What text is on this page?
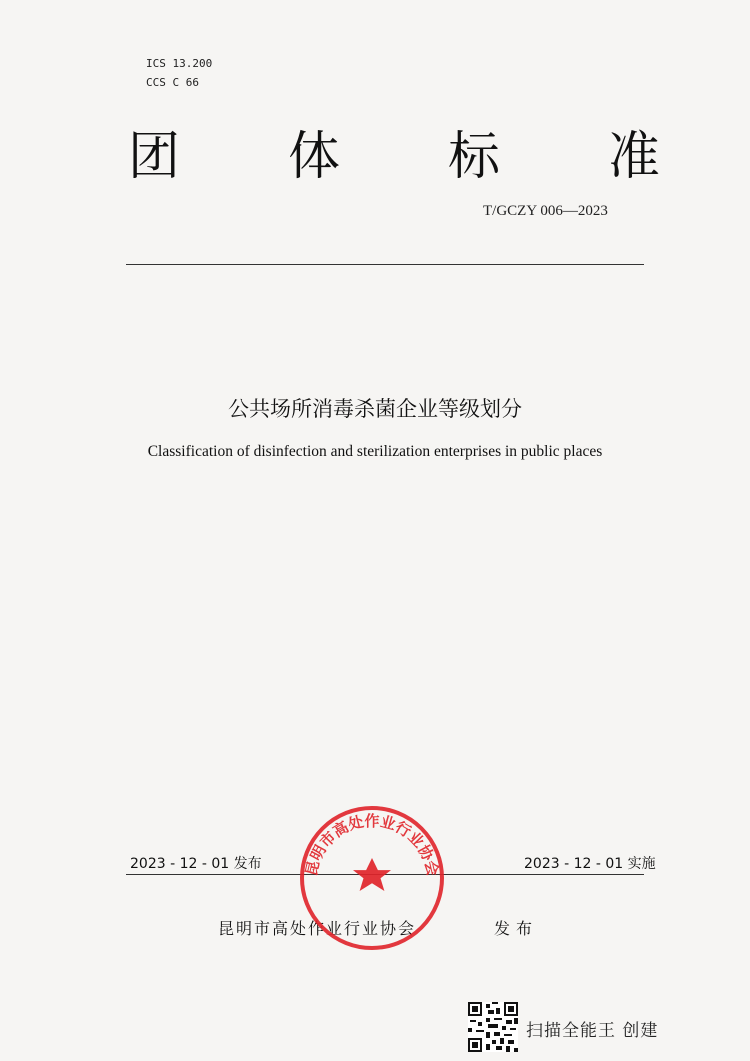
ICS 13.200
CCS C 66
团 体 标 准
T/GCZY 006—2023
公共场所消毒杀菌企业等级划分
Classification of disinfection and sterilization enterprises in public places
2023 - 12 - 01 发布	2023 - 12 - 01 实施
昆明市高处作业行业协会	发布
昆明市高处作业行业协会
扫描全能王 创建
